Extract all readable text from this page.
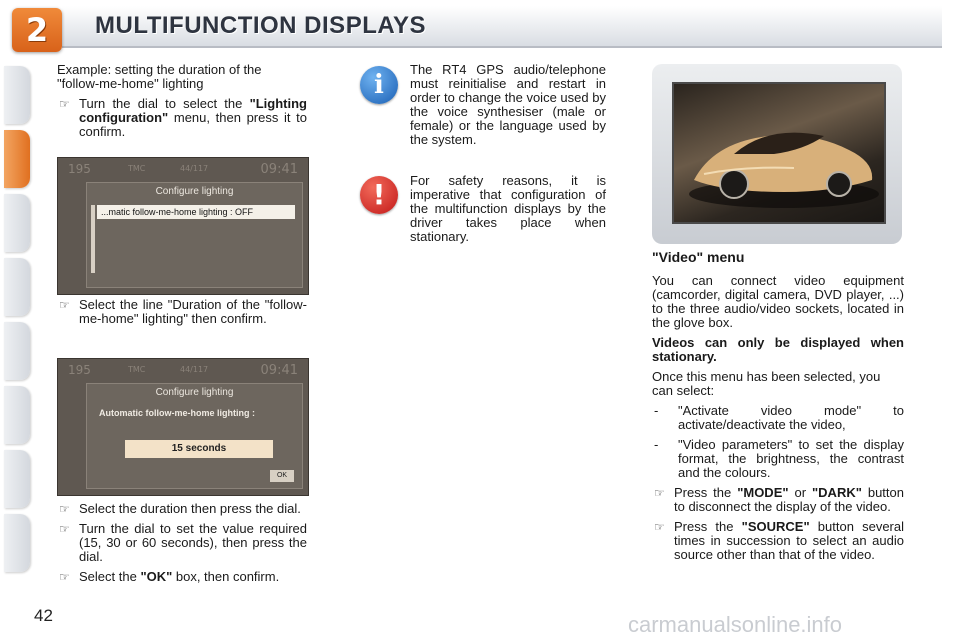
2	MULTIFUNCTION DISPLAYS

Example: setting the duration of the "follow-me-home" lighting

☞ Turn the dial to select the "Lighting configuration" menu, then press it to confirm.
195	TMC	44/117	09:41
Configure lighting
...matic follow-me-home lighting : OFF
☞ Select the line "Duration of the "follow-me-home" lighting" then confirm.
195	TMC	44/117	09:41
Configure lighting
Automatic follow-me-home lighting :
15 seconds
OK
☞ Select the duration then press the dial.
☞ Turn the dial to set the value required (15, 30 or 60 seconds), then press the dial.
☞ Select the "OK" box, then confirm.
i

The RT4 GPS audio/telephone must reinitialise and restart in order to change the voice used by the voice synthesiser (male or female) or the language used by the system.

!	For safety reasons, it is imperative that configuration of the multifunction displays by the driver takes place when stationary.

"Video" menu

You can connect video equipment (camcorder, digital camera, DVD player, ...) to the three audio/video sockets, located in the glove box.

Videos can only be displayed when stationary.

Once this menu has been selected, you can select:

- "Activate video mode" to activate/deactivate the video,
- "Video parameters" to set the display format, the brightness, the contrast and the colours.
☞ Press the "MODE" or "DARK" button to disconnect the display of the video.
☞ Press the "SOURCE" button several times in succession to select an audio source other than that of the video.
42	carmanualsonline.info
